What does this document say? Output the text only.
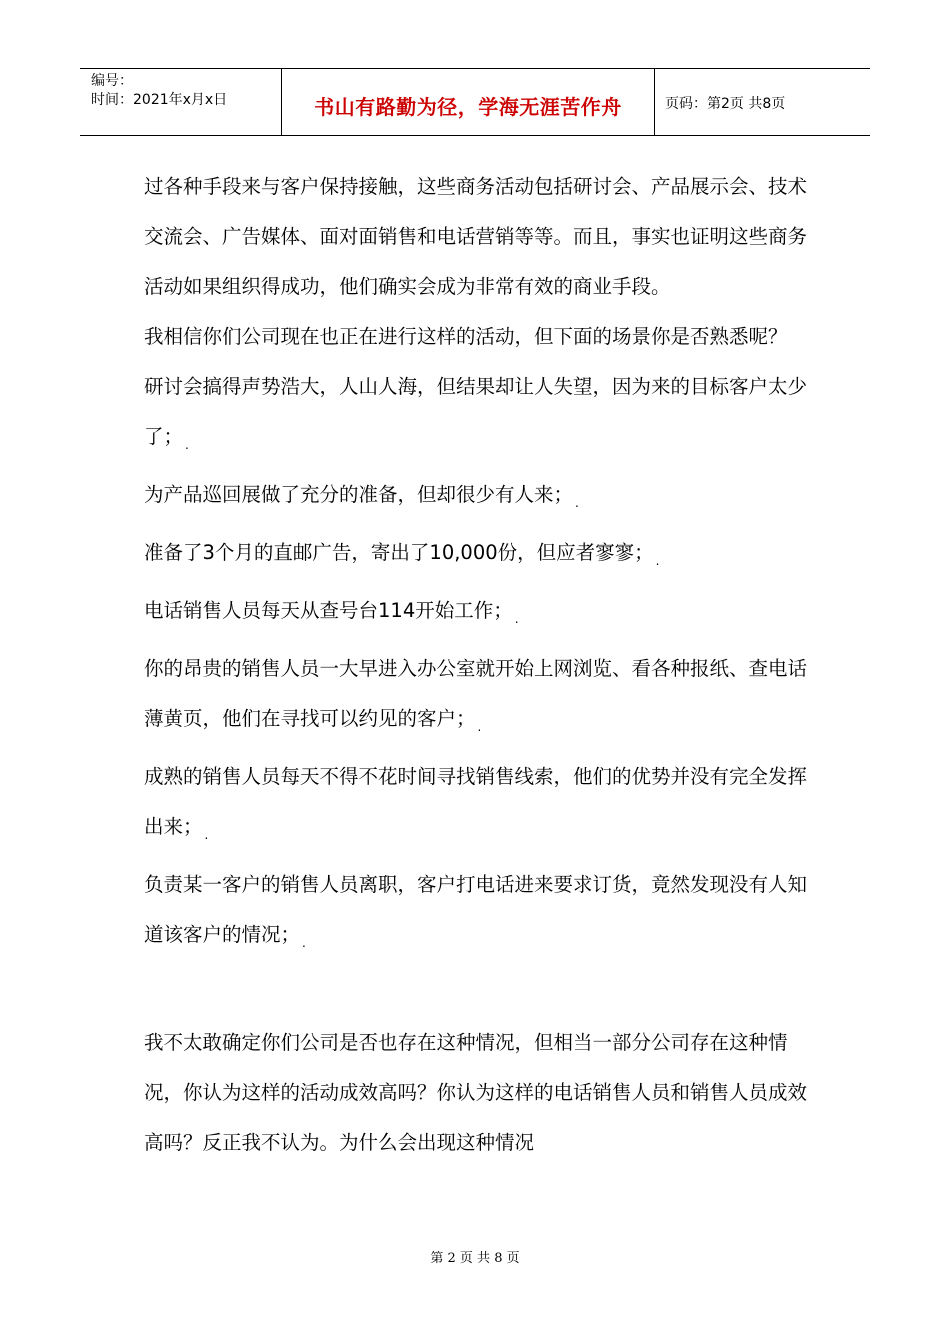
编号：
时间：2021年x月x日	书山有路勤为径，学海无涯苦作舟	页码：第2页 共8页

过各种手段来与客户保持接触，这些商务活动包括研讨会、产品展示会、技术交流会、广告媒体、面对面销售和电话营销等等。而且，事实也证明这些商务活动如果组织得成功，他们确实会成为非常有效的商业手段。

我相信你们公司现在也正在进行这样的活动，但下面的场景你是否熟悉呢？

研讨会搞得声势浩大，人山人海，但结果却让人失望，因为来的目标客户太少了； $_.$

为产品巡回展做了充分的准备，但却很少有人来； $_.$

准备了3个月的直邮广告，寄出了10,000份，但应者寥寥； $_.$

电话销售人员每天从查号台114开始工作； $_.$

你的昂贵的销售人员一大早进入办公室就开始上网浏览、看各种报纸、查电话薄黄页，他们在寻找可以约见的客户； $_.$

成熟的销售人员每天不得不花时间寻找销售线索，他们的优势并没有完全发挥出来； $_.$

负责某一客户的销售人员离职，客户打电话进来要求订货，竟然发现没有人知道该客户的情况； $_.$

我不太敢确定你们公司是否也存在这种情况，但相当一部分公司存在这种情况，你认为这样的活动成效高吗？你认为这样的电话销售人员和销售人员成效高吗？反正我不认为。为什么会出现这种情况

第 2 页 共 8 页
